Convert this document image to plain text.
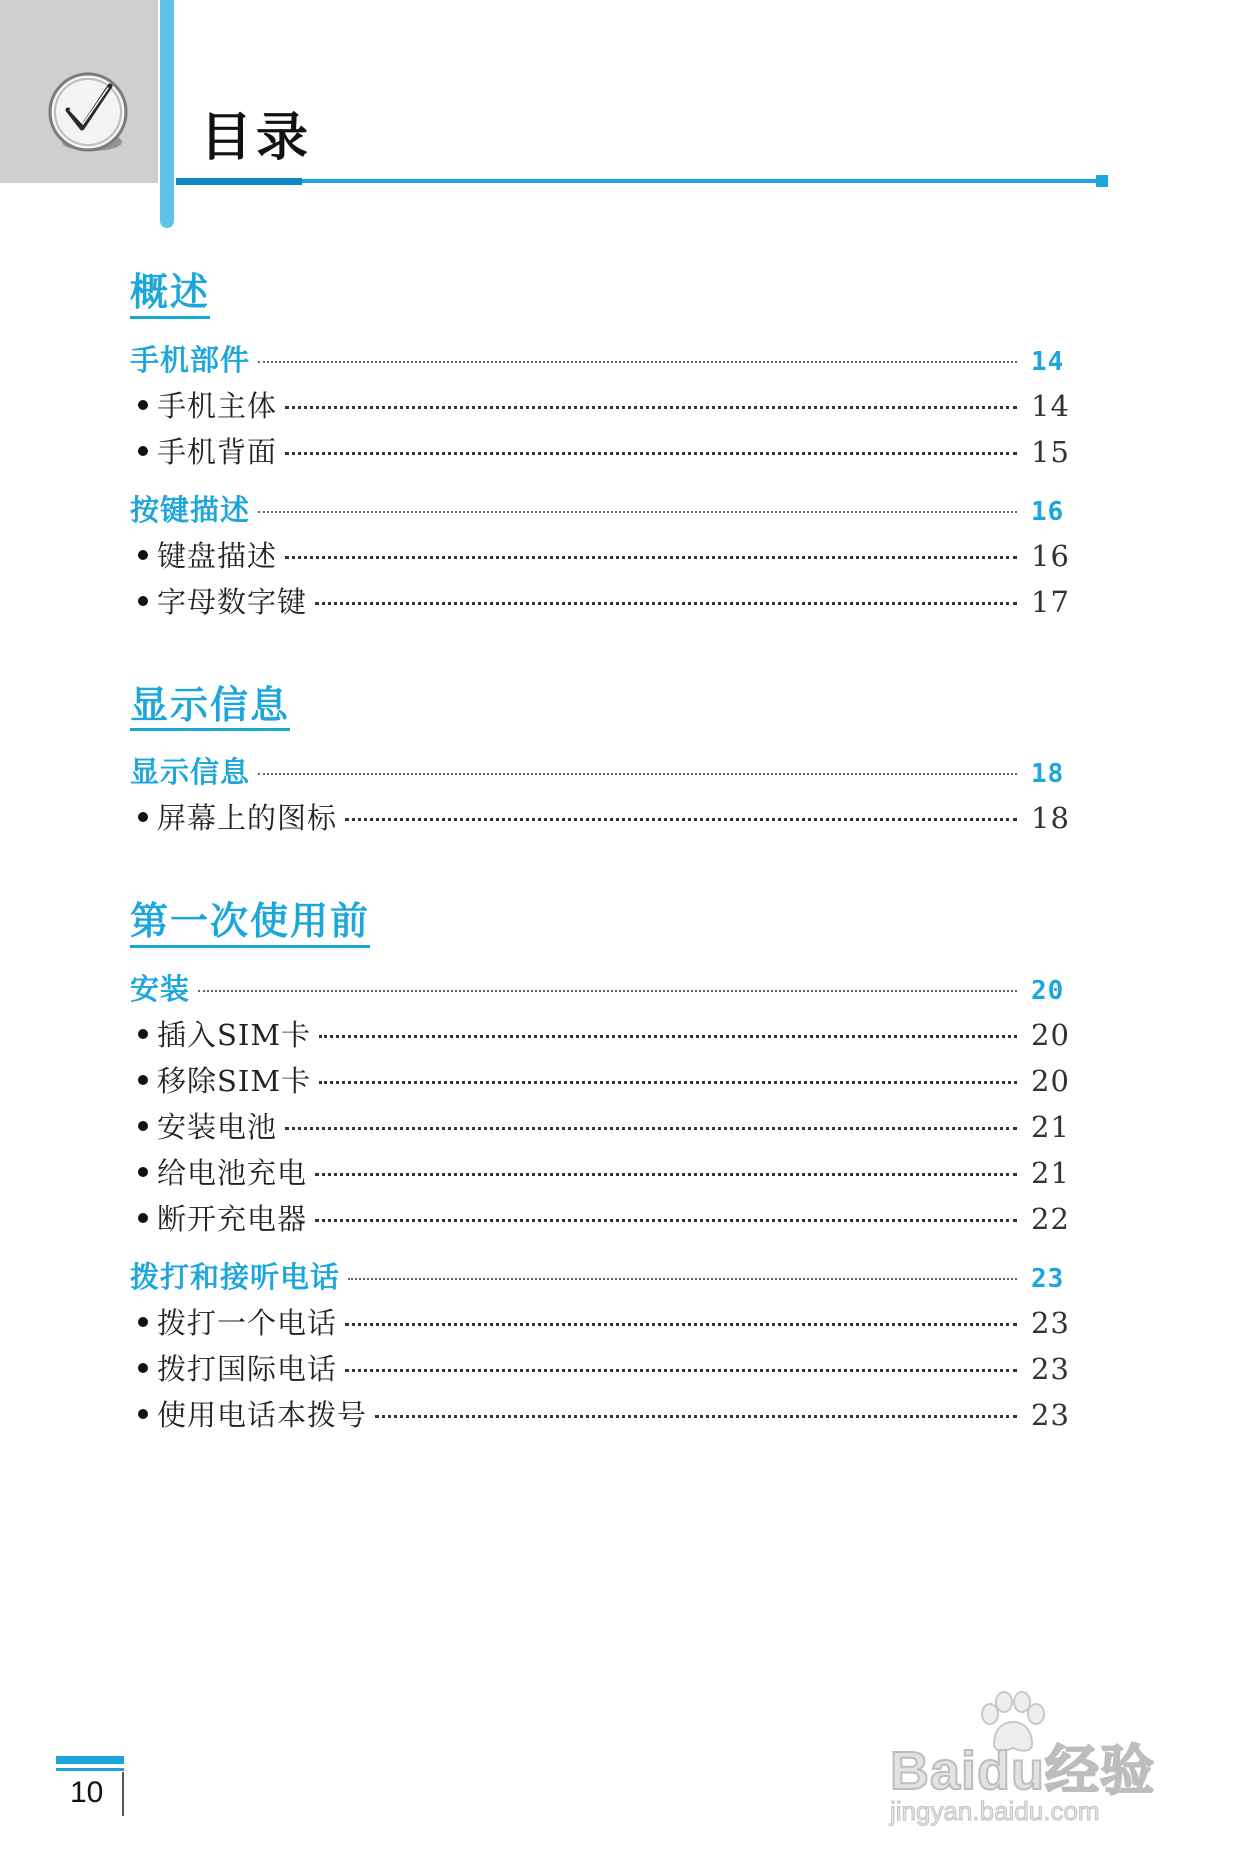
目录
概述
手机部件	14
手机主体	14
手机背面	15
按键描述	16
键盘描述	16
字母数字键	17
显示信息
显示信息	18
屏幕上的图标	18
第一次使用前
安装	20
插入SIM卡	20
移除SIM卡	20
安装电池	21
给电池充电	21
断开充电器	22
拨打和接听电话	23
拨打一个电话	23
拨打国际电话	23
使用电话本拨号	23
10	Baidu经验
jingyan.baidu.com
